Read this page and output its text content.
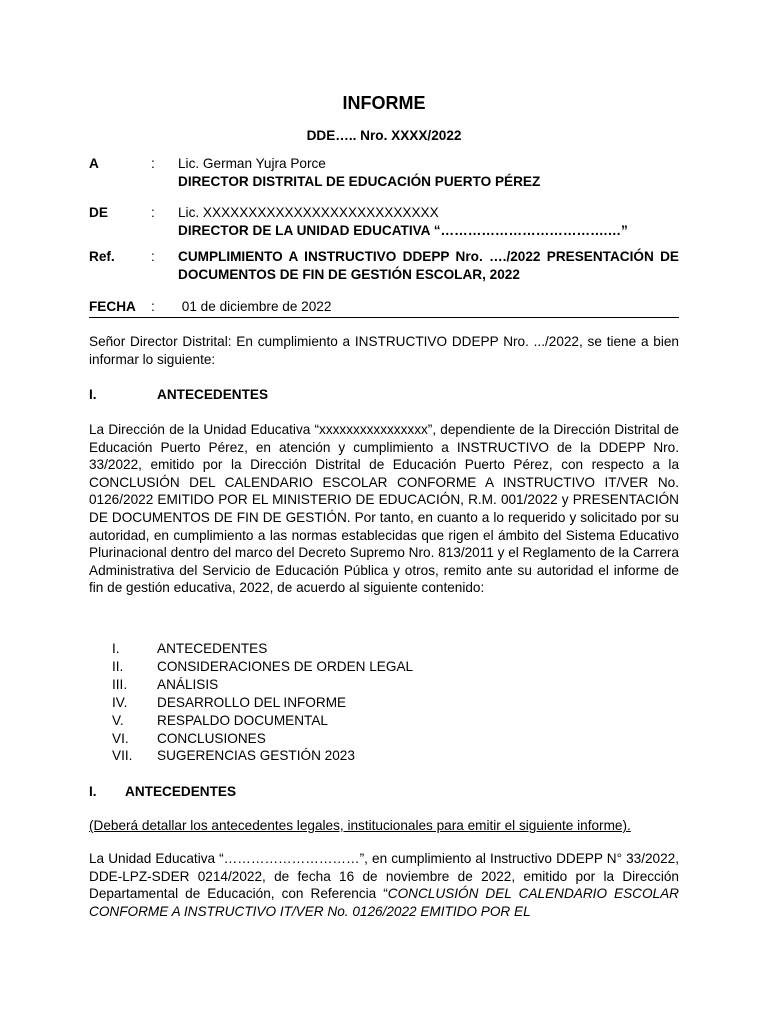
INFORME
DDE….. Nro. XXXX/2022
A	:	Lic. German Yujra Porce
DIRECTOR DISTRITAL DE EDUCACIÓN PUERTO PÉREZ
DE	:	Lic. XXXXXXXXXXXXXXXXXXXXXXXXXX
DIRECTOR DE LA UNIDAD EDUCATIVA “……………………………….…”
Ref.	:	CUMPLIMIENTO A INSTRUCTIVO DDEPP Nro. …./2022 PRESENTACIÓN DE DOCUMENTOS DE FIN DE GESTIÓN ESCOLAR, 2022
FECHA	:	01 de diciembre de 2022
Señor Director Distrital: En cumplimiento a INSTRUCTIVO DDEPP Nro. .../2022, se tiene a bien informar lo siguiente:
I.	ANTECEDENTES
La Dirección de la Unidad Educativa “xxxxxxxxxxxxxxxx”, dependiente de la Dirección Distrital de Educación Puerto Pérez, en atención y cumplimiento a INSTRUCTIVO de la DDEPP Nro. 33/2022, emitido por la Dirección Distrital de Educación Puerto Pérez, con respecto a la CONCLUSIÓN DEL CALENDARIO ESCOLAR CONFORME A INSTRUCTIVO IT/VER No. 0126/2022 EMITIDO POR EL MINISTERIO DE EDUCACIÓN, R.M. 001/2022 y PRESENTACIÓN DE DOCUMENTOS DE FIN DE GESTIÓN. Por tanto, en cuanto a lo requerido y solicitado por su autoridad, en cumplimiento a las normas establecidas que rigen el ámbito del Sistema Educativo Plurinacional dentro del marco del Decreto Supremo Nro. 813/2011 y el Reglamento de la Carrera Administrativa del Servicio de Educación Pública y otros, remito ante su autoridad el informe de fin de gestión educativa, 2022, de acuerdo al siguiente contenido:
I.	ANTECEDENTES
II.	CONSIDERACIONES DE ORDEN LEGAL
III.	ANÁLISIS
IV.	DESARROLLO DEL INFORME
V.	RESPALDO DOCUMENTAL
VI.	CONCLUSIONES
VII.	SUGERENCIAS GESTIÓN 2023
I.	ANTECEDENTES
(Deberá detallar los antecedentes legales, institucionales para emitir el siguiente informe).
La Unidad Educativa “…………………………”, en cumplimiento al Instructivo DDEPP N° 33/2022, DDE-LPZ-SDER 0214/2022, de fecha 16 de noviembre de 2022, emitido por la Dirección Departamental de Educación, con Referencia “CONCLUSIÓN DEL CALENDARIO ESCOLAR CONFORME A INSTRUCTIVO IT/VER No. 0126/2022 EMITIDO POR EL
